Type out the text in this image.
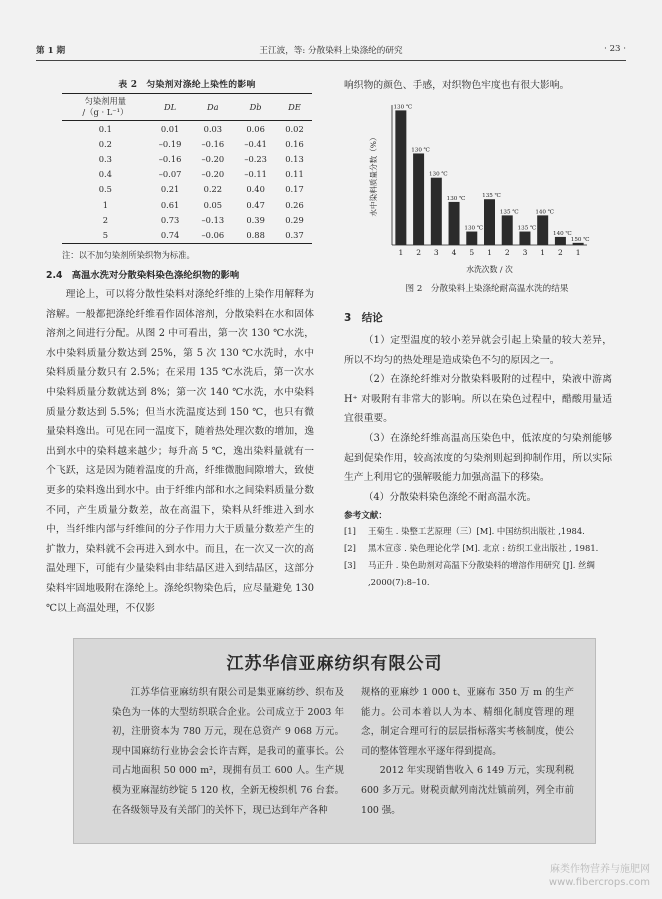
第 1 期	王江波，等: 分散染料上染涤纶的研究	· 23 ·
表 2　匀染剂对涤纶上染性的影响
匀染剂用量
/（g · L⁻¹）	DL	Da	Db	DE
0.1	0.01	0.03	0.06	0.02
0.2	–0.19	–0.16	–0.41	0.16
0.3	–0.16	–0.20	–0.23	0.13
0.4	–0.07	–0.20	–0.11	0.11
0.5	0.21	0.22	0.40	0.17
1	0.61	0.05	0.47	0.26
2	0.73	–0.13	0.39	0.29
5	0.74	–0.06	0.88	0.37
注：以不加匀染剂所染织物为标准。
2.4　高温水洗对分散染料染色涤纶织物的影响

理论上，可以将分散性染料对涤纶纤维的上染作用解释为溶解。一般都把涤纶纤维看作固体溶剂，分散染料在水和固体溶剂之间进行分配。从图 2 中可看出，第一次 130 ℃水洗，水中染料质量分数达到 25%，第 5 次 130 ℃水洗时，水中染料质量分数只有 2.5%；在采用 135 ℃水洗后，第一次水中染料质量分数就达到 8%；第一次 140 ℃水洗，水中染料质量分数达到 5.5%；但当水洗温度达到 150 ℃，也只有微量染料逸出。可见在同一温度下，随着热处理次数的增加，逸出到水中的染料越来越少；每升高 5 ℃，逸出染料量就有一个飞跃，这是因为随着温度的升高，纤维微胞间隙增大，致使更多的染料逸出到水中。由于纤维内部和水之间染料质量分数不同，产生质量分数差，故在高温下，染料从纤维进入到水中，当纤维内部与纤维间的分子作用力大于质量分数差产生的扩散力，染料就不会再进入到水中。而且，在一次又一次的高温处理下，可能有少量染料由非结晶区进入到结晶区，这部分染料牢固地吸附在涤纶上。涤纶织物染色后，应尽量避免 130 ℃以上高温处理，不仅影

响织物的颜色、手感，对织物色牢度也有很大影响。

130 ℃
1
130 ℃
2
130 ℃
3
130 ℃
4
130 ℃
5
135 ℃
1
135 ℃
2
135 ℃
3
140 ℃
1
140 ℃
2
150 ℃
1
水洗次数 / 次
水中染料质量分数（%）
图 2　分散染料上染涤纶耐高温水洗的结果
3　结论

（1）定型温度的较小差异就会引起上染量的较大差异，所以不均匀的热处理是造成染色不匀的原因之一。

（2）在涤纶纤维对分散染料吸附的过程中，染液中游离 H⁺ 对吸附有非常大的影响。所以在染色过程中，醋酸用量适宜很重要。

（3）在涤纶纤维高温高压染色中，低浓度的匀染剂能够起到促染作用，较高浓度的匀染剂则起到抑制作用，所以实际生产上利用它的强解吸能力加强高温下的移染。

（4）分散染料染色涤纶不耐高温水洗。

参考文献：
[1] 王菊生 . 染整工艺原理（三）[M]. 中国纺织出版社 ,1984.
[2] 黑木宣彦 . 染色理论化学 [M]. 北京 : 纺织工业出版社 , 1981.
[3] 马正升 . 染色助剂对高温下分散染料的增溶作用研究 [J]. 丝绸 ,2000(7):8–10.
江苏华信亚麻纺织有限公司

江苏华信亚麻纺织有限公司是集亚麻纺纱、织布及染色为一体的大型纺织联合企业。公司成立于 2003 年初，注册资本为 780 万元，现在总资产 9 068 万元。现中国麻纺行业协会会长许吉辉，是我司的董事长。公司占地面积 50 000 m²，现拥有员工 600 人。生产规模为亚麻湿纺纱锭 5 120 枚，全新无梭织机 76 台套。在各级领导及有关部门的关怀下，现已达到年产各种

规格的亚麻纱 1 000 t、亚麻布 350 万 m 的生产能力。公司本着以人为本、精细化制度管理的理念，制定合理可行的层层指标落实考核制度，使公司的整体管理水平逐年得到提高。

2012 年实现销售收入 6 149 万元，实现利税 600 多万元。财税贡献列南沈灶镇前列，列全市前 100 强。

麻类作物营养与施肥网
www.fibercrops.com
